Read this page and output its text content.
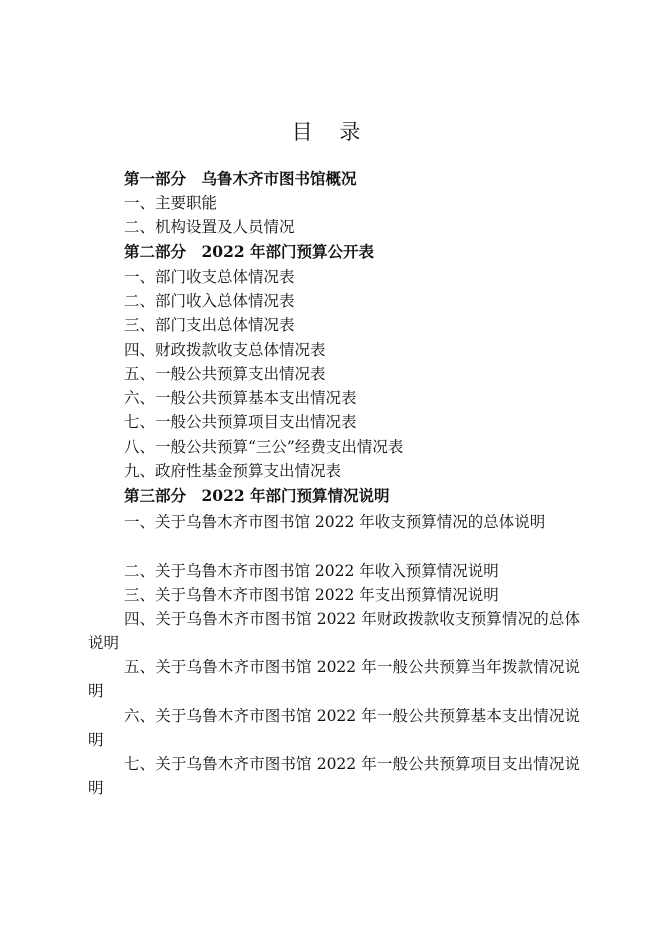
目 录
第一部分　乌鲁木齐市图书馆概况
一、主要职能
二、机构设置及人员情况
第二部分　2022 年部门预算公开表
一、部门收支总体情况表
二、部门收入总体情况表
三、部门支出总体情况表
四、财政拨款收支总体情况表
五、一般公共预算支出情况表
六、一般公共预算基本支出情况表
七、一般公共预算项目支出情况表
八、一般公共预算“三公”经费支出情况表
九、政府性基金预算支出情况表
第三部分　2022 年部门预算情况说明
一、关于乌鲁木齐市图书馆 2022 年收支预算情况的总体说明
二、关于乌鲁木齐市图书馆 2022 年收入预算情况说明
三、关于乌鲁木齐市图书馆 2022 年支出预算情况说明
四、关于乌鲁木齐市图书馆 2022 年财政拨款收支预算情况的总体说明
五、关于乌鲁木齐市图书馆 2022 年一般公共预算当年拨款情况说明
六、关于乌鲁木齐市图书馆 2022 年一般公共预算基本支出情况说明
七、关于乌鲁木齐市图书馆 2022 年一般公共预算项目支出情况说明
